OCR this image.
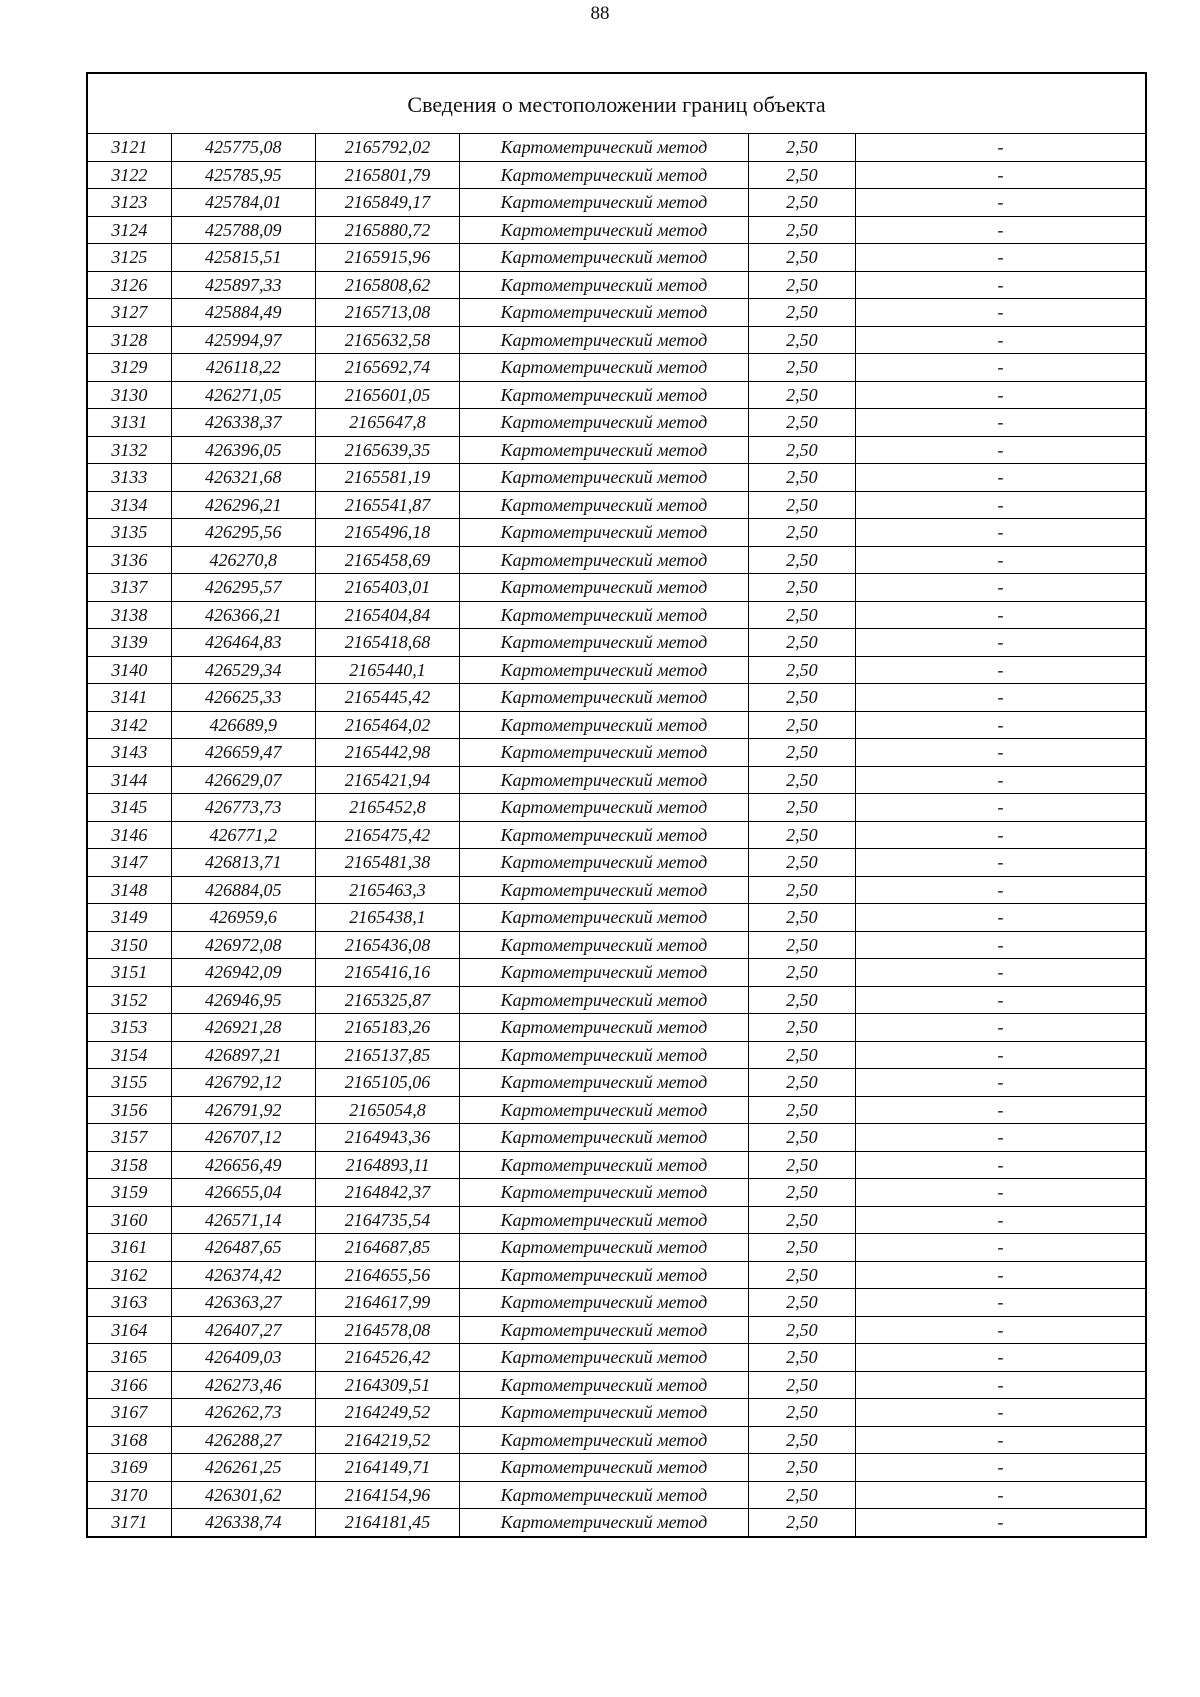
88
Сведения о местоположении границ объекта					
3121	425775,08	2165792,02	Картометрический метод	2,50	-
3122	425785,95	2165801,79	Картометрический метод	2,50	-
3123	425784,01	2165849,17	Картометрический метод	2,50	-
3124	425788,09	2165880,72	Картометрический метод	2,50	-
3125	425815,51	2165915,96	Картометрический метод	2,50	-
3126	425897,33	2165808,62	Картометрический метод	2,50	-
3127	425884,49	2165713,08	Картометрический метод	2,50	-
3128	425994,97	2165632,58	Картометрический метод	2,50	-
3129	426118,22	2165692,74	Картометрический метод	2,50	-
3130	426271,05	2165601,05	Картометрический метод	2,50	-
3131	426338,37	2165647,8	Картометрический метод	2,50	-
3132	426396,05	2165639,35	Картометрический метод	2,50	-
3133	426321,68	2165581,19	Картометрический метод	2,50	-
3134	426296,21	2165541,87	Картометрический метод	2,50	-
3135	426295,56	2165496,18	Картометрический метод	2,50	-
3136	426270,8	2165458,69	Картометрический метод	2,50	-
3137	426295,57	2165403,01	Картометрический метод	2,50	-
3138	426366,21	2165404,84	Картометрический метод	2,50	-
3139	426464,83	2165418,68	Картометрический метод	2,50	-
3140	426529,34	2165440,1	Картометрический метод	2,50	-
3141	426625,33	2165445,42	Картометрический метод	2,50	-
3142	426689,9	2165464,02	Картометрический метод	2,50	-
3143	426659,47	2165442,98	Картометрический метод	2,50	-
3144	426629,07	2165421,94	Картометрический метод	2,50	-
3145	426773,73	2165452,8	Картометрический метод	2,50	-
3146	426771,2	2165475,42	Картометрический метод	2,50	-
3147	426813,71	2165481,38	Картометрический метод	2,50	-
3148	426884,05	2165463,3	Картометрический метод	2,50	-
3149	426959,6	2165438,1	Картометрический метод	2,50	-
3150	426972,08	2165436,08	Картометрический метод	2,50	-
3151	426942,09	2165416,16	Картометрический метод	2,50	-
3152	426946,95	2165325,87	Картометрический метод	2,50	-
3153	426921,28	2165183,26	Картометрический метод	2,50	-
3154	426897,21	2165137,85	Картометрический метод	2,50	-
3155	426792,12	2165105,06	Картометрический метод	2,50	-
3156	426791,92	2165054,8	Картометрический метод	2,50	-
3157	426707,12	2164943,36	Картометрический метод	2,50	-
3158	426656,49	2164893,11	Картометрический метод	2,50	-
3159	426655,04	2164842,37	Картометрический метод	2,50	-
3160	426571,14	2164735,54	Картометрический метод	2,50	-
3161	426487,65	2164687,85	Картометрический метод	2,50	-
3162	426374,42	2164655,56	Картометрический метод	2,50	-
3163	426363,27	2164617,99	Картометрический метод	2,50	-
3164	426407,27	2164578,08	Картометрический метод	2,50	-
3165	426409,03	2164526,42	Картометрический метод	2,50	-
3166	426273,46	2164309,51	Картометрический метод	2,50	-
3167	426262,73	2164249,52	Картометрический метод	2,50	-
3168	426288,27	2164219,52	Картометрический метод	2,50	-
3169	426261,25	2164149,71	Картометрический метод	2,50	-
3170	426301,62	2164154,96	Картометрический метод	2,50	-
3171	426338,74	2164181,45	Картометрический метод	2,50	-
